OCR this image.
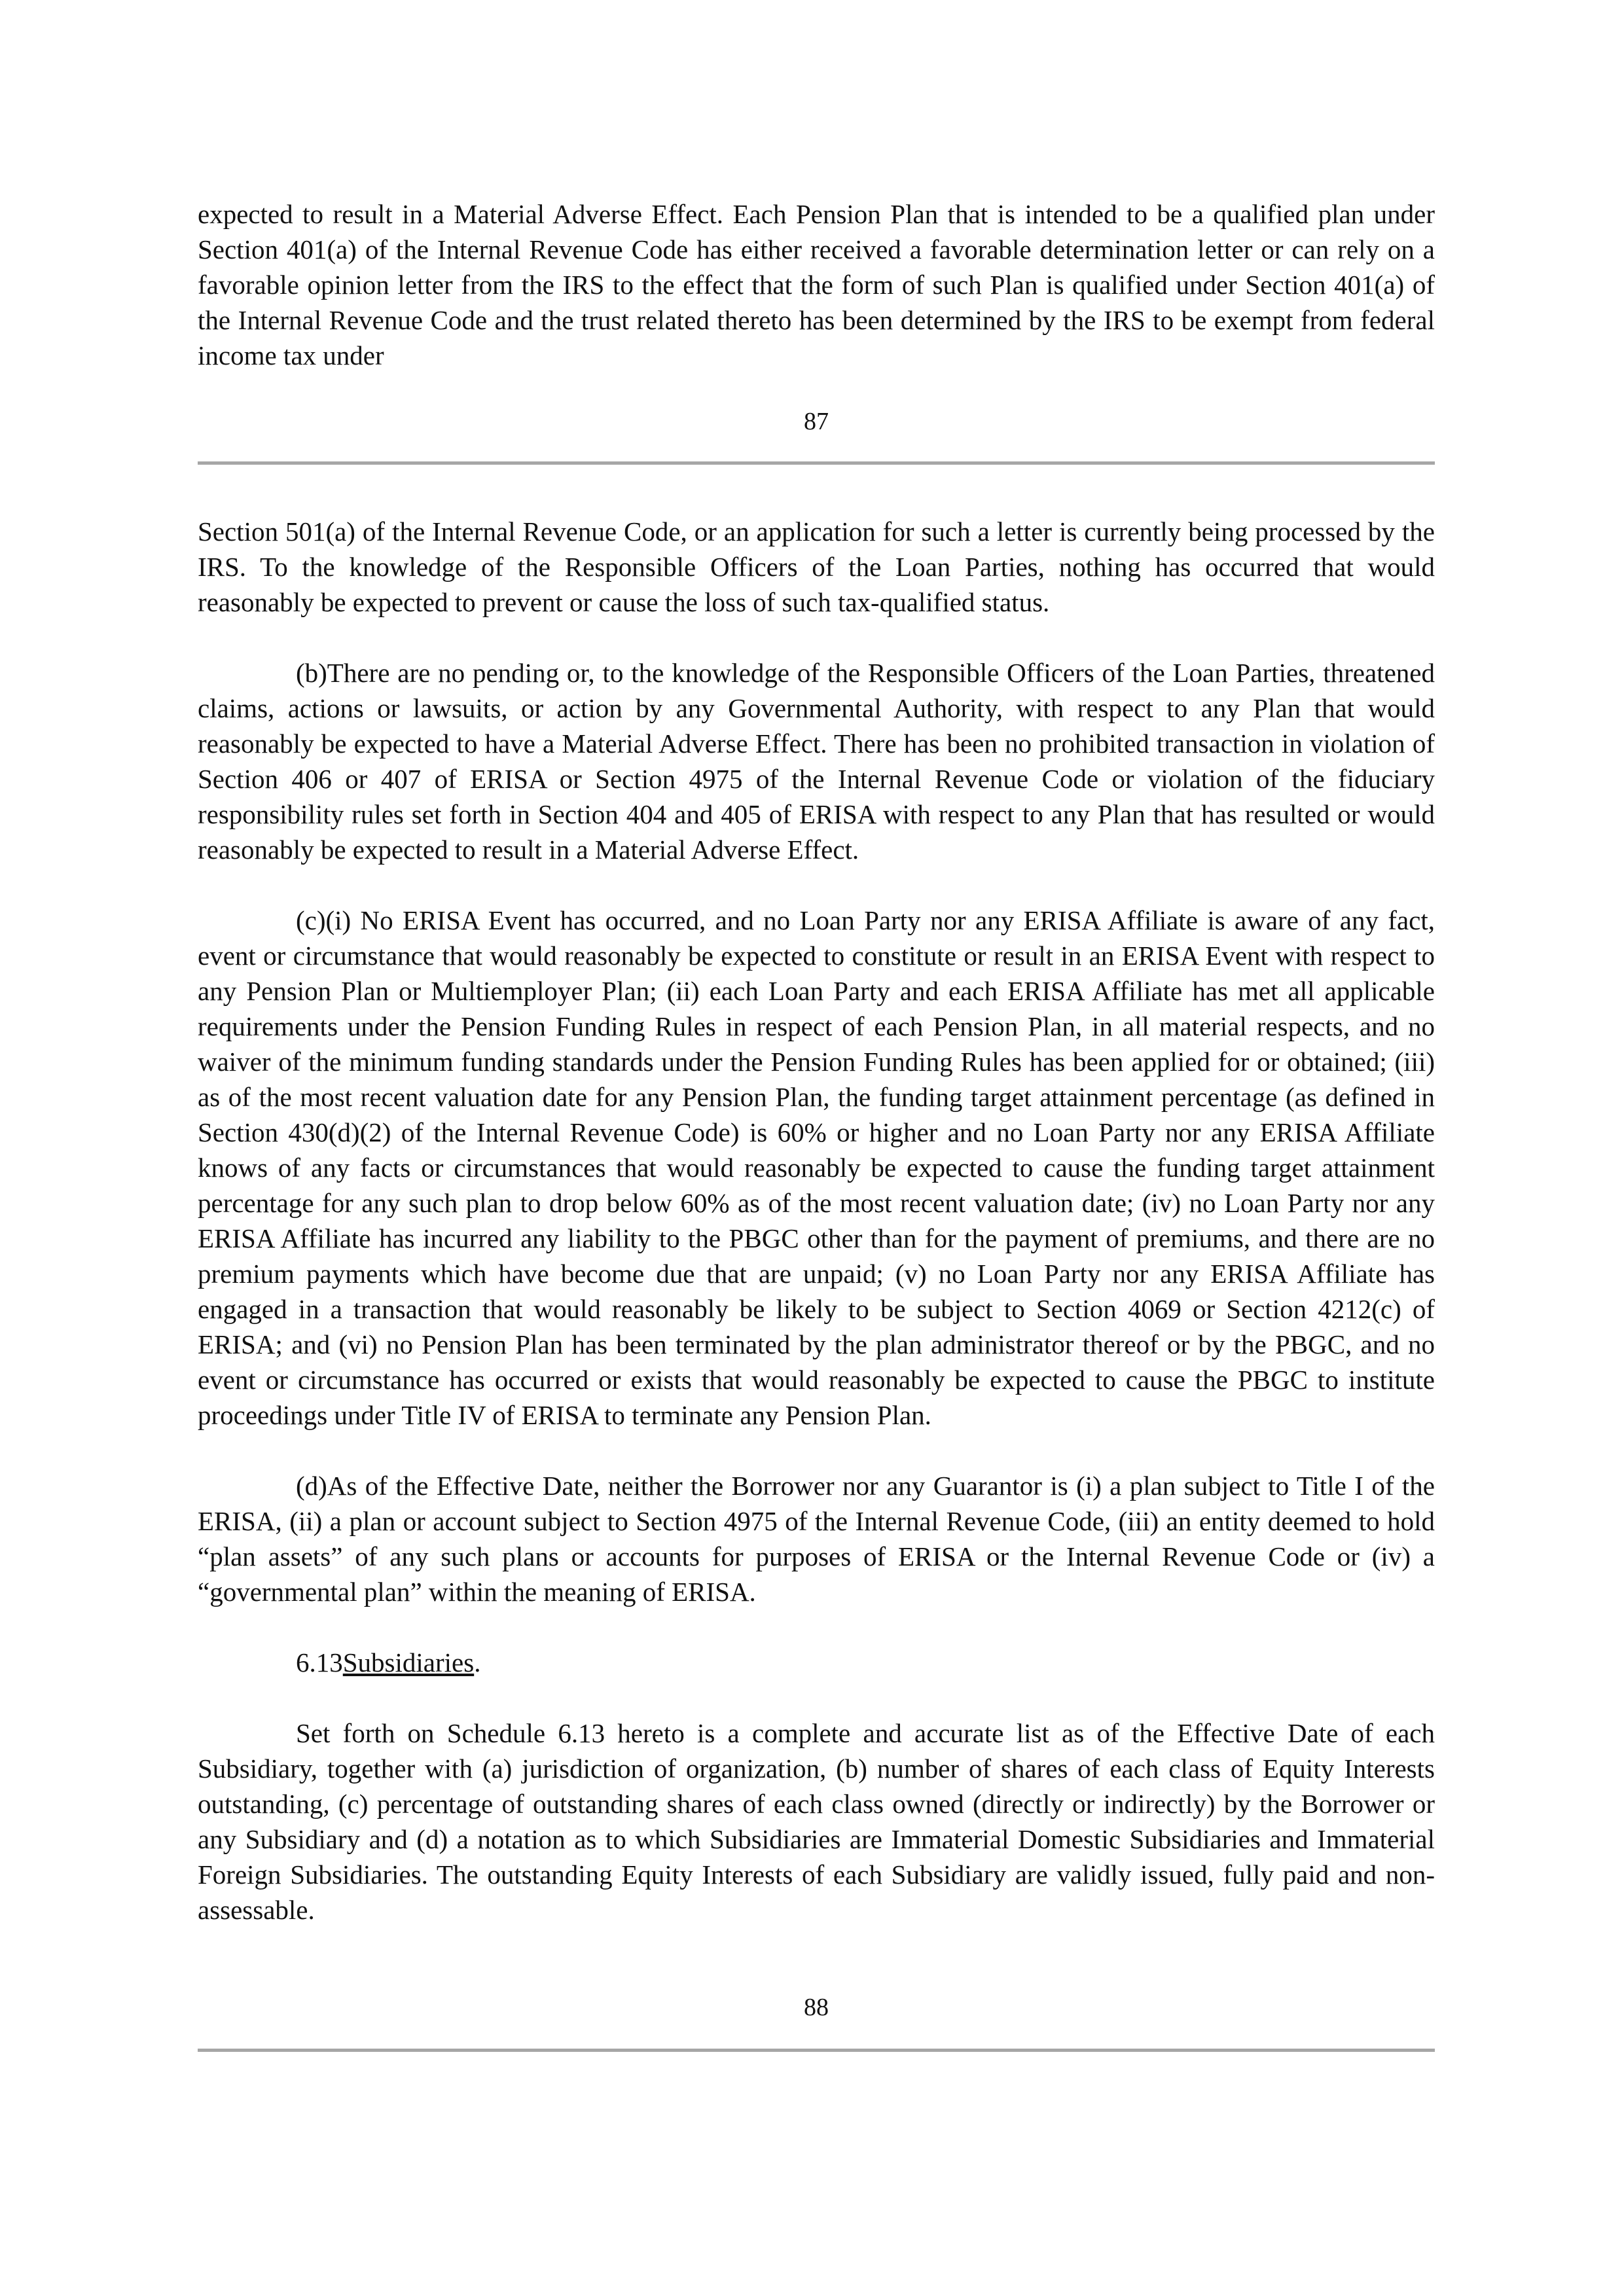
expected to result in a Material Adverse Effect. Each Pension Plan that is intended to be a qualified plan under Section 401(a) of the Internal Revenue Code has either received a favorable determination letter or can rely on a favorable opinion letter from the IRS to the effect that the form of such Plan is qualified under Section 401(a) of the Internal Revenue Code and the trust related thereto has been determined by the IRS to be exempt from federal income tax under

87

Section 501(a) of the Internal Revenue Code, or an application for such a letter is currently being processed by the IRS. To the knowledge of the Responsible Officers of the Loan Parties, nothing has occurred that would reasonably be expected to prevent or cause the loss of such tax-qualified status.

(b)There are no pending or, to the knowledge of the Responsible Officers of the Loan Parties, threatened claims, actions or lawsuits, or action by any Governmental Authority, with respect to any Plan that would reasonably be expected to have a Material Adverse Effect. There has been no prohibited transaction in violation of Section 406 or 407 of ERISA or Section 4975 of the Internal Revenue Code or violation of the fiduciary responsibility rules set forth in Section 404 and 405 of ERISA with respect to any Plan that has resulted or would reasonably be expected to result in a Material Adverse Effect.

(c)(i) No ERISA Event has occurred, and no Loan Party nor any ERISA Affiliate is aware of any fact, event or circumstance that would reasonably be expected to constitute or result in an ERISA Event with respect to any Pension Plan or Multiemployer Plan; (ii) each Loan Party and each ERISA Affiliate has met all applicable requirements under the Pension Funding Rules in respect of each Pension Plan, in all material respects, and no waiver of the minimum funding standards under the Pension Funding Rules has been applied for or obtained; (iii) as of the most recent valuation date for any Pension Plan, the funding target attainment percentage (as defined in Section 430(d)(2) of the Internal Revenue Code) is 60% or higher and no Loan Party nor any ERISA Affiliate knows of any facts or circumstances that would reasonably be expected to cause the funding target attainment percentage for any such plan to drop below 60% as of the most recent valuation date; (iv) no Loan Party nor any ERISA Affiliate has incurred any liability to the PBGC other than for the payment of premiums, and there are no premium payments which have become due that are unpaid; (v) no Loan Party nor any ERISA Affiliate has engaged in a transaction that would reasonably be likely to be subject to Section 4069 or Section 4212(c) of ERISA; and (vi) no Pension Plan has been terminated by the plan administrator thereof or by the PBGC, and no event or circumstance has occurred or exists that would reasonably be expected to cause the PBGC to institute proceedings under Title IV of ERISA to terminate any Pension Plan.

(d)As of the Effective Date, neither the Borrower nor any Guarantor is (i) a plan subject to Title I of the ERISA, (ii) a plan or account subject to Section 4975 of the Internal Revenue Code, (iii) an entity deemed to hold “plan assets” of any such plans or accounts for purposes of ERISA or the Internal Revenue Code or (iv) a “governmental plan” within the meaning of ERISA.

6.13Subsidiaries.

Set forth on Schedule 6.13 hereto is a complete and accurate list as of the Effective Date of each Subsidiary, together with (a) jurisdiction of organization, (b) number of shares of each class of Equity Interests outstanding, (c) percentage of outstanding shares of each class owned (directly or indirectly) by the Borrower or any Subsidiary and (d) a notation as to which Subsidiaries are Immaterial Domestic Subsidiaries and Immaterial Foreign Subsidiaries. The outstanding Equity Interests of each Subsidiary are validly issued, fully paid and non-assessable.

88
